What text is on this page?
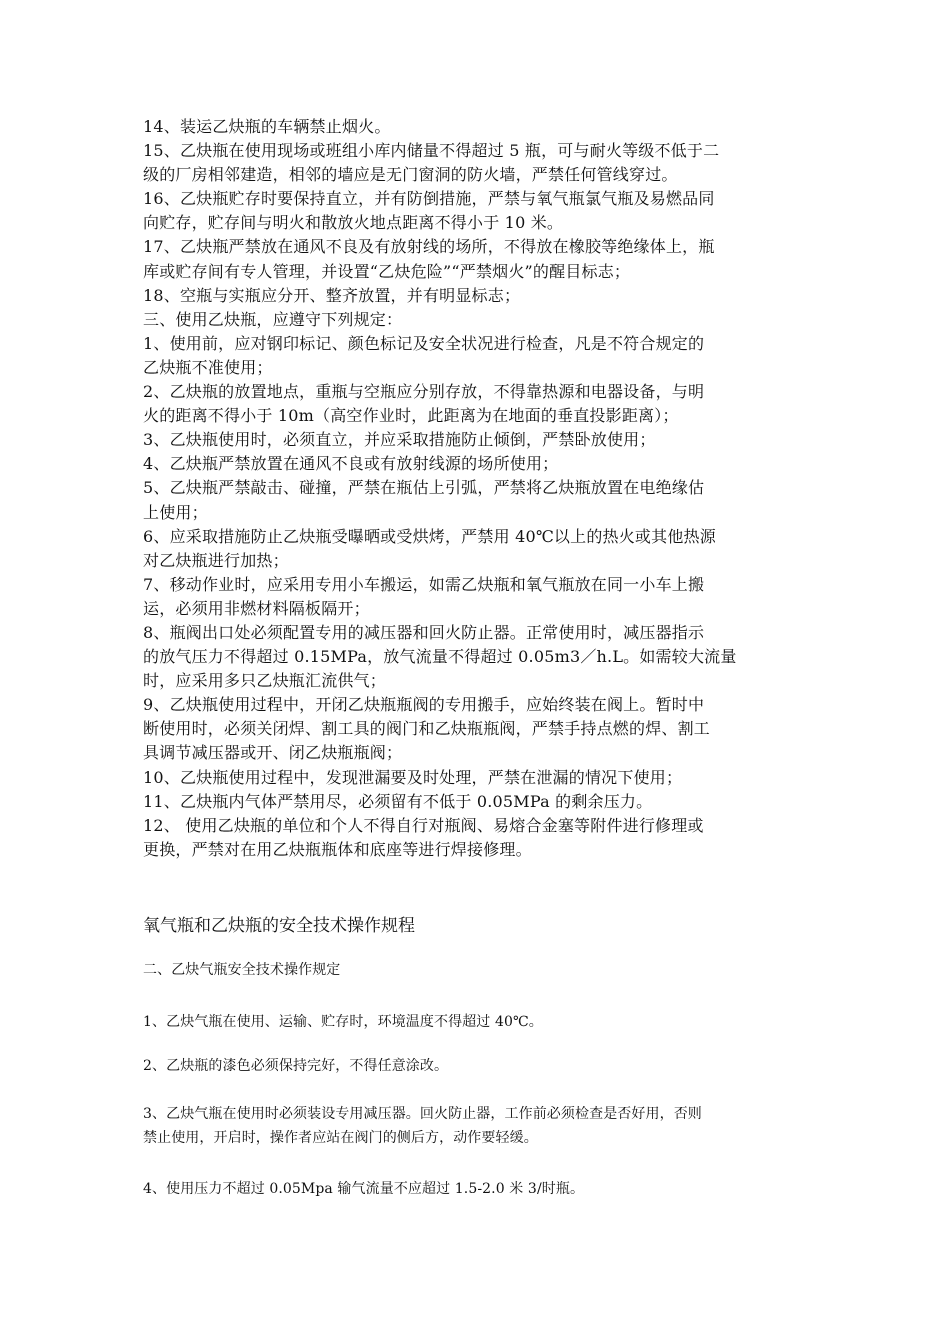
14、装运乙炔瓶的车辆禁止烟火。

15、乙炔瓶在使用现场或班组小库内储量不得超过 5 瓶，可与耐火等级不低于二

级的厂房相邻建造，相邻的墙应是无门窗洞的防火墙，严禁任何管线穿过。

16、乙炔瓶贮存时要保持直立，并有防倒措施，严禁与氧气瓶氯气瓶及易燃品同

向贮存，贮存间与明火和散放火地点距离不得小于 10 米。

17、乙炔瓶严禁放在通风不良及有放射线的场所，不得放在橡胶等绝缘体上，瓶

库或贮存间有专人管理，并设置“乙炔危险”“严禁烟火”的醒目标志；

18、空瓶与实瓶应分开、整齐放置，并有明显标志；

三、使用乙炔瓶，应遵守下列规定：

1、使用前，应对钢印标记、颜色标记及安全状况进行检查，凡是不符合规定的

乙炔瓶不准使用；

2、乙炔瓶的放置地点，重瓶与空瓶应分别存放，不得靠热源和电器设备，与明

火的距离不得小于 10m（高空作业时，此距离为在地面的垂直投影距离）；

3、乙炔瓶使用时，必须直立，并应采取措施防止倾倒，严禁卧放使用；

4、乙炔瓶严禁放置在通风不良或有放射线源的场所使用；

5、乙炔瓶严禁敲击、碰撞，严禁在瓶估上引弧，严禁将乙炔瓶放置在电绝缘估

上使用；

6、应采取措施防止乙炔瓶受曝晒或受烘烤，严禁用 40℃以上的热火或其他热源

对乙炔瓶进行加热；

7、移动作业时，应采用专用小车搬运，如需乙炔瓶和氧气瓶放在同一小车上搬

运，必须用非燃材料隔板隔开；

8、瓶阀出口处必须配置专用的减压器和回火防止器。正常使用时，减压器指示

的放气压力不得超过 0.15MPa，放气流量不得超过 0.05m3／h.L。如需较大流量

时，应采用多只乙炔瓶汇流供气；

9、乙炔瓶使用过程中，开闭乙炔瓶瓶阀的专用搬手，应始终装在阀上。暂时中

断使用时，必须关闭焊、割工具的阀门和乙炔瓶瓶阀，严禁手持点燃的焊、割工

具调节减压器或开、闭乙炔瓶瓶阀；

10、乙炔瓶使用过程中，发现泄漏要及时处理，严禁在泄漏的情况下使用；

11、乙炔瓶内气体严禁用尽，必须留有不低于 0.05MPa 的剩余压力。

12、 使用乙炔瓶的单位和个人不得自行对瓶阀、易熔合金塞等附件进行修理或

更换，严禁对在用乙炔瓶瓶体和底座等进行焊接修理。

氧气瓶和乙炔瓶的安全技术操作规程

二、乙炔气瓶安全技术操作规定

1、乙炔气瓶在使用、运输、贮存时，环境温度不得超过 40℃。

2、乙炔瓶的漆色必须保持完好，不得任意涂改。

3、乙炔气瓶在使用时必须装设专用减压器。回火防止器，工作前必须检查是否好用，否则

禁止使用，开启时，操作者应站在阀门的侧后方，动作要轻缓。

4、使用压力不超过 0.05Mpa 输气流量不应超过 1.5-2.0 米 3/时瓶。
